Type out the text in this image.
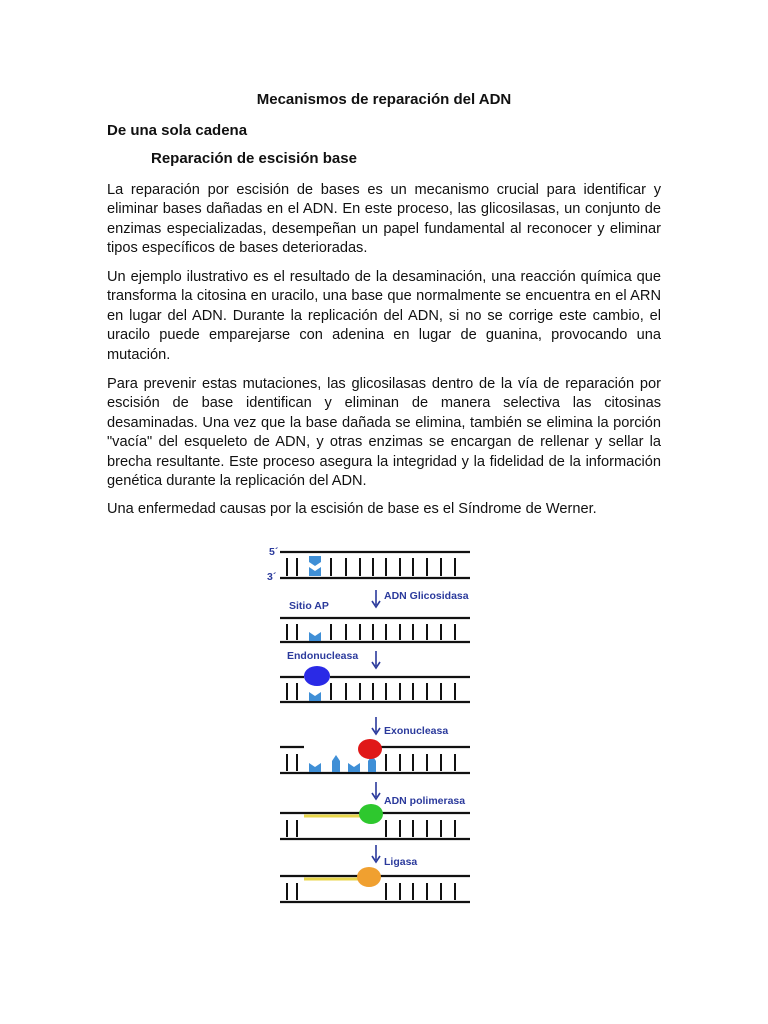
Mecanismos de reparación del ADN
De una sola cadena
Reparación de escisión base

La reparación por escisión de bases es un mecanismo crucial para identificar y eliminar bases dañadas en el ADN. En este proceso, las glicosilasas, un conjunto de enzimas especializadas, desempeñan un papel fundamental al reconocer y eliminar tipos específicos de bases deterioradas.

Un ejemplo ilustrativo es el resultado de la desaminación, una reacción química que transforma la citosina en uracilo, una base que normalmente se encuentra en el ARN en lugar del ADN. Durante la replicación del ADN, si no se corrige este cambio, el uracilo puede emparejarse con adenina en lugar de guanina, provocando una mutación.

Para prevenir estas mutaciones, las glicosilasas dentro de la vía de reparación por escisión de base identifican y eliminan de manera selectiva las citosinas desaminadas. Una vez que la base dañada se elimina, también se elimina la porción "vacía" del esqueleto de ADN, y otras enzimas se encargan de rellenar y sellar la brecha resultante. Este proceso asegura la integridad y la fidelidad de la información genética durante la replicación del ADN.

Una enfermedad causas por la escisión de base es el Síndrome de Werner.

5´
3´
ADN Glicosidasa
Sitio AP
Endonucleasa
Exonucleasa
ADN polimerasa
Ligasa
